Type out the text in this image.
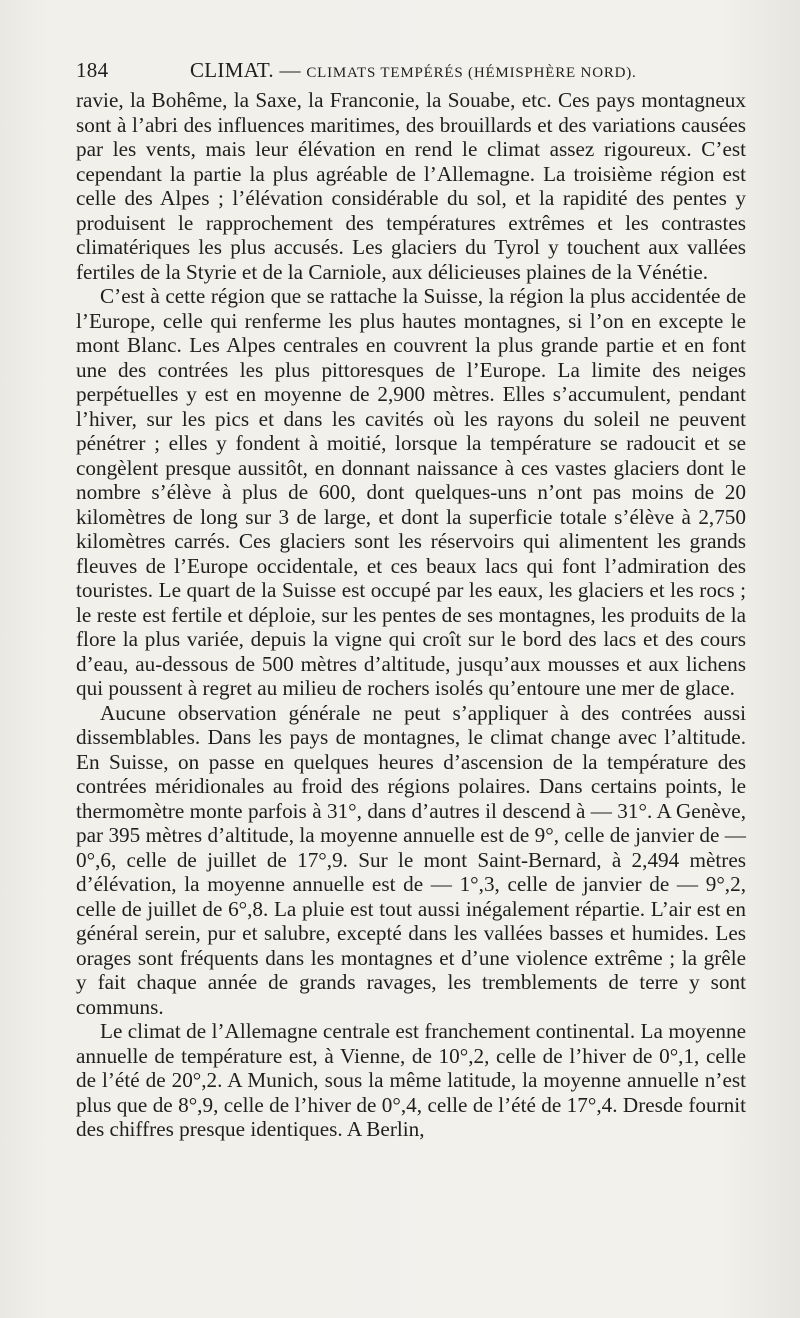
184	CLIMAT. — CLIMATS TEMPÉRÉS (HÉMISPHÈRE NORD).

ravie, la Bohême, la Saxe, la Franconie, la Souabe, etc. Ces pays montagneux sont à l’abri des influences maritimes, des brouillards et des variations causées par les vents, mais leur élévation en rend le climat assez rigoureux. C’est cependant la partie la plus agréable de l’Allemagne. La troisième région est celle des Alpes ; l’élévation considérable du sol, et la rapidité des pentes y produisent le rapprochement des températures extrêmes et les contrastes climatériques les plus accusés. Les glaciers du Tyrol y touchent aux vallées fertiles de la Styrie et de la Carniole, aux délicieuses plaines de la Vénétie.

C’est à cette région que se rattache la Suisse, la région la plus accidentée de l’Europe, celle qui renferme les plus hautes montagnes, si l’on en excepte le mont Blanc. Les Alpes centrales en couvrent la plus grande partie et en font une des contrées les plus pittoresques de l’Europe. La limite des neiges perpétuelles y est en moyenne de 2,900 mètres. Elles s’accumulent, pendant l’hiver, sur les pics et dans les cavités où les rayons du soleil ne peuvent pénétrer ; elles y fondent à moitié, lorsque la température se radoucit et se congèlent presque aussitôt, en donnant naissance à ces vastes glaciers dont le nombre s’élève à plus de 600, dont quelques-uns n’ont pas moins de 20 kilomètres de long sur 3 de large, et dont la superficie totale s’élève à 2,750 kilomètres carrés. Ces glaciers sont les réservoirs qui alimentent les grands fleuves de l’Europe occidentale, et ces beaux lacs qui font l’admiration des touristes. Le quart de la Suisse est occupé par les eaux, les glaciers et les rocs ; le reste est fertile et déploie, sur les pentes de ses montagnes, les produits de la flore la plus variée, depuis la vigne qui croît sur le bord des lacs et des cours d’eau, au-dessous de 500 mètres d’altitude, jusqu’aux mousses et aux lichens qui poussent à regret au milieu de rochers isolés qu’entoure une mer de glace.

Aucune observation générale ne peut s’appliquer à des contrées aussi dissemblables. Dans les pays de montagnes, le climat change avec l’altitude. En Suisse, on passe en quelques heures d’ascension de la température des contrées méridionales au froid des régions polaires. Dans certains points, le thermomètre monte parfois à 31°, dans d’autres il descend à — 31°. A Genève, par 395 mètres d’altitude, la moyenne annuelle est de 9°, celle de janvier de — 0°,6, celle de juillet de 17°,9. Sur le mont Saint-Bernard, à 2,494 mètres d’élévation, la moyenne annuelle est de — 1°,3, celle de janvier de — 9°,2, celle de juillet de 6°,8. La pluie est tout aussi inégalement répartie. L’air est en général serein, pur et salubre, excepté dans les vallées basses et humides. Les orages sont fréquents dans les montagnes et d’une violence extrême ; la grêle y fait chaque année de grands ravages, les tremblements de terre y sont communs.

Le climat de l’Allemagne centrale est franchement continental. La moyenne annuelle de température est, à Vienne, de 10°,2, celle de l’hiver de 0°,1, celle de l’été de 20°,2. A Munich, sous la même latitude, la moyenne annuelle n’est plus que de 8°,9, celle de l’hiver de 0°,4, celle de l’été de 17°,4. Dresde fournit des chiffres presque identiques. A Berlin,
